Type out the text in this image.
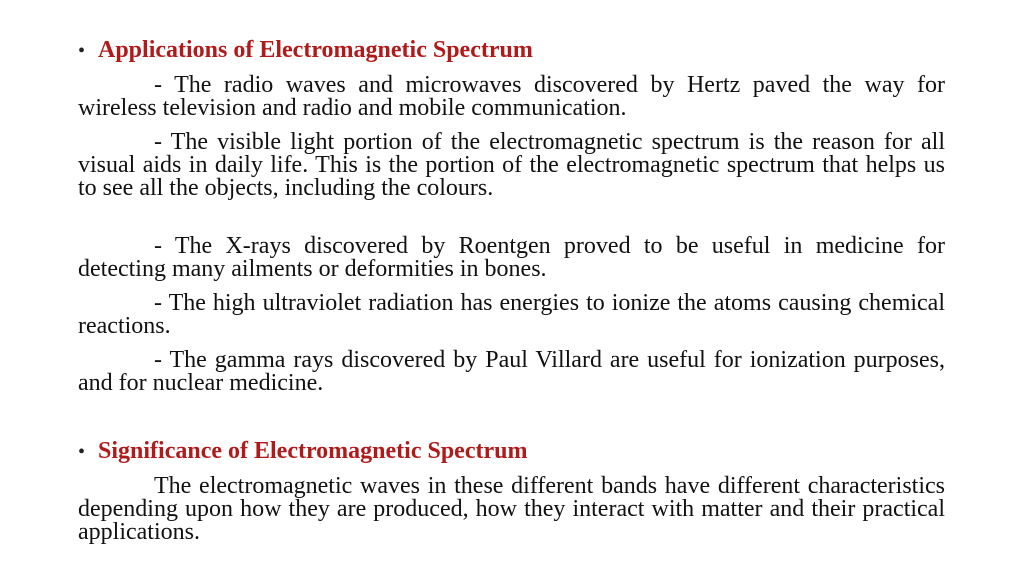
• Applications of Electromagnetic Spectrum

- The radio waves and microwaves discovered by Hertz paved the way for wireless television and radio and mobile communication.

- The visible light portion of the electromagnetic spectrum is the reason for all visual aids in daily life. This is the portion of the electromagnetic spectrum that helps us to see all the objects, including the colours.

- The X-rays discovered by Roentgen proved to be useful in medicine for detecting many ailments or deformities in bones.

- The high ultraviolet radiation has energies to ionize the atoms causing chemical reactions.

- The gamma rays discovered by Paul Villard are useful for ionization purposes, and for nuclear medicine.

• Significance of Electromagnetic Spectrum

The electromagnetic waves in these different bands have different characteristics depending upon how they are produced, how they interact with matter and their practical applications.
